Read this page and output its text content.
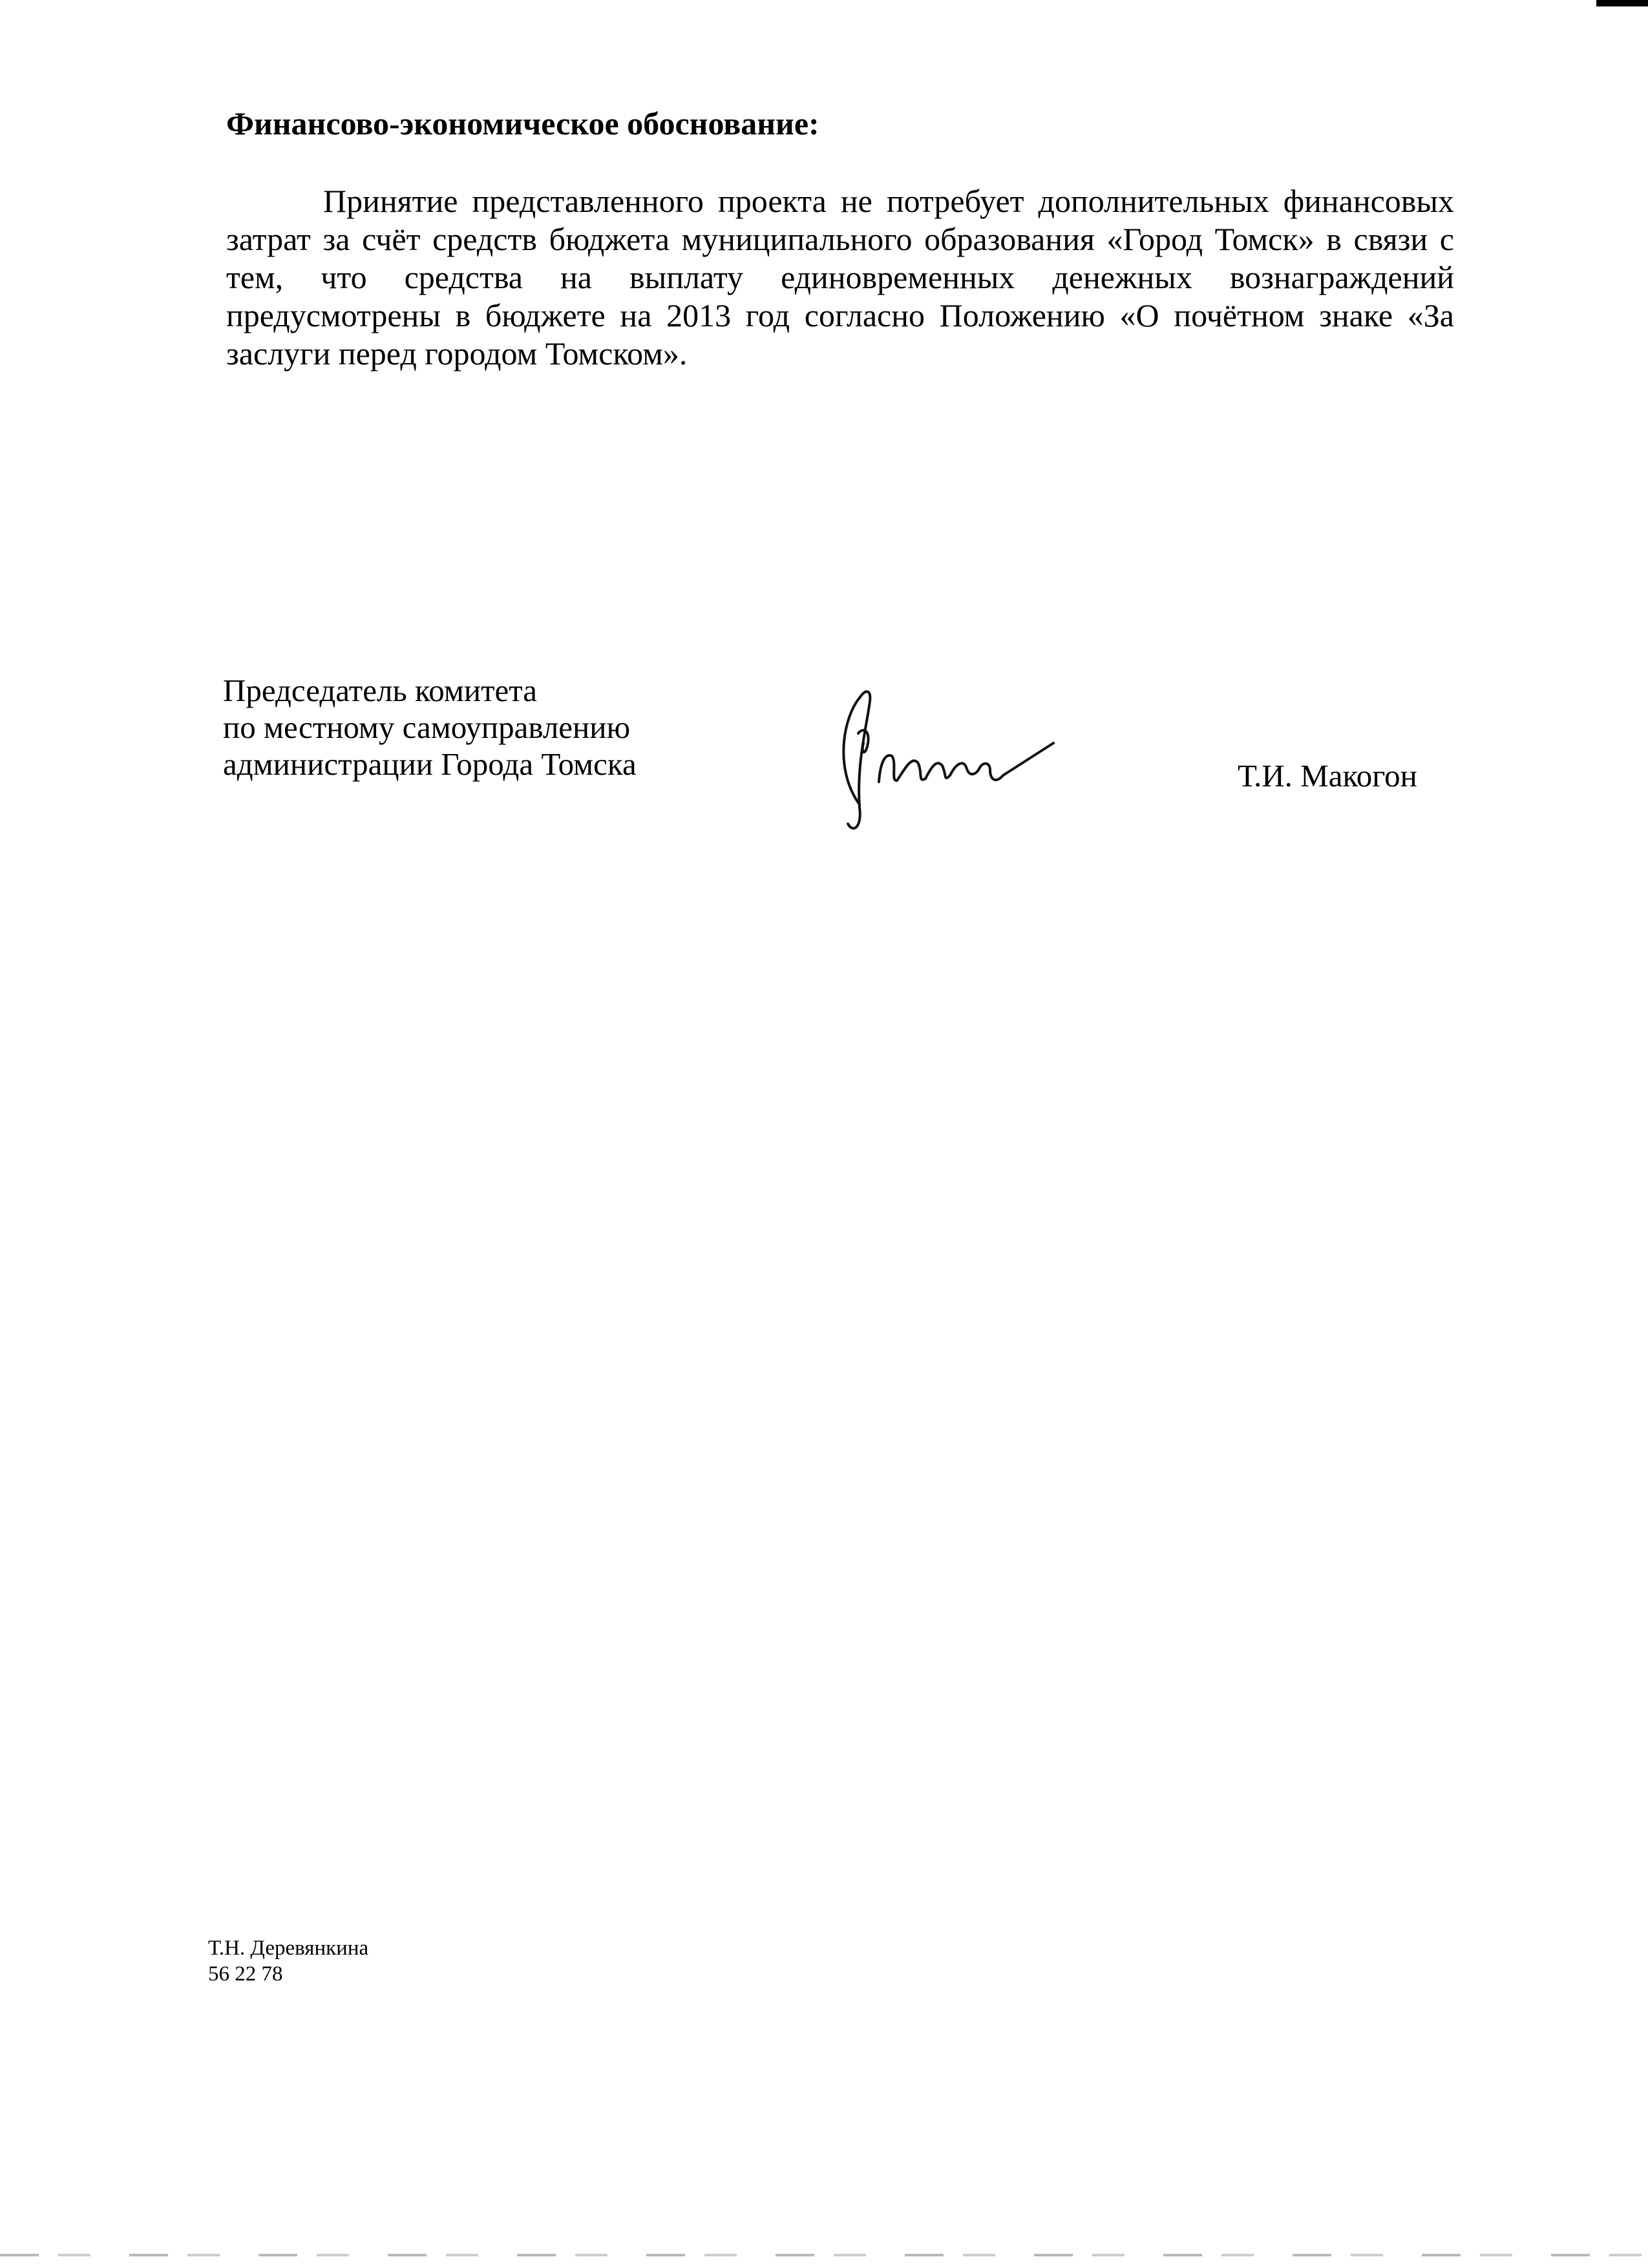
Финансово-экономическое обоснование:

Принятие представленного проекта не потребует дополнительных финансовых затрат за счёт средств бюджета муниципального образования «Город Томск» в связи с тем, что средства на выплату единовременных денежных вознаграждений предусмотрены в бюджете на 2013 год согласно Положению «О почётном знаке «За заслуги перед городом Томском».

Председатель комитета
по местному самоуправлению
администрации Города Томска	Т.И. Макогон
Т.Н. Деревянкина
56 22 78
